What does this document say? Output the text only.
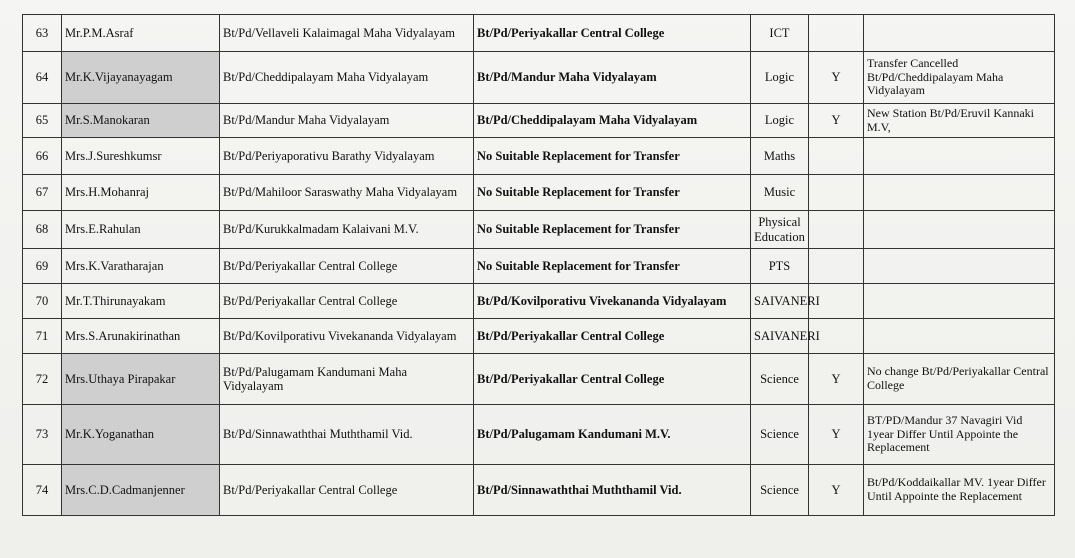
63	Mr.P.M.Asraf	Bt/Pd/Vellaveli Kalaimagal Maha Vidyalayam	Bt/Pd/Periyakallar Central College	ICT		
64	Mr.K.Vijayanayagam	Bt/Pd/Cheddipalayam Maha Vidyalayam	Bt/Pd/Mandur Maha Vidyalayam	Logic	Y	Transfer Cancelled Bt/Pd/Cheddipalayam Maha Vidyalayam
65	Mr.S.Manokaran	Bt/Pd/Mandur Maha Vidyalayam	Bt/Pd/Cheddipalayam Maha Vidyalayam	Logic	Y	New Station Bt/Pd/Eruvil Kannaki M.V,
66	Mrs.J.Sureshkumsr	Bt/Pd/Periyaporativu Barathy Vidyalayam	No Suitable Replacement for Transfer	Maths		
67	Mrs.H.Mohanraj	Bt/Pd/Mahiloor Saraswathy Maha Vidyalayam	No Suitable Replacement for Transfer	Music		
68	Mrs.E.Rahulan	Bt/Pd/Kurukkalmadam Kalaivani M.V.	No Suitable Replacement for Transfer	Physical Education		
69	Mrs.K.Varatharajan	Bt/Pd/Periyakallar Central College	No Suitable Replacement for Transfer	PTS		
70	Mr.T.Thirunayakam	Bt/Pd/Periyakallar Central College	Bt/Pd/Kovilporativu Vivekananda Vidyalayam	SAIVANERI		
71	Mrs.S.Arunakirinathan	Bt/Pd/Kovilporativu Vivekananda Vidyalayam	Bt/Pd/Periyakallar Central College	SAIVANERI		
72	Mrs.Uthaya Pirapakar	Bt/Pd/Palugamam Kandumani Maha Vidyalayam	Bt/Pd/Periyakallar Central College	Science	Y	No change Bt/Pd/Periyakallar Central College
73	Mr.K.Yoganathan	Bt/Pd/Sinnawaththai Muththamil Vid.	Bt/Pd/Palugamam Kandumani M.V.	Science	Y	BT/PD/Mandur 37 Navagiri Vid 1year Differ Until Appointe the Replacement
74	Mrs.C.D.Cadmanjenner	Bt/Pd/Periyakallar Central College	Bt/Pd/Sinnawaththai Muththamil Vid.	Science	Y	Bt/Pd/Koddaikallar MV. 1year Differ Until Appointe the Replacement
